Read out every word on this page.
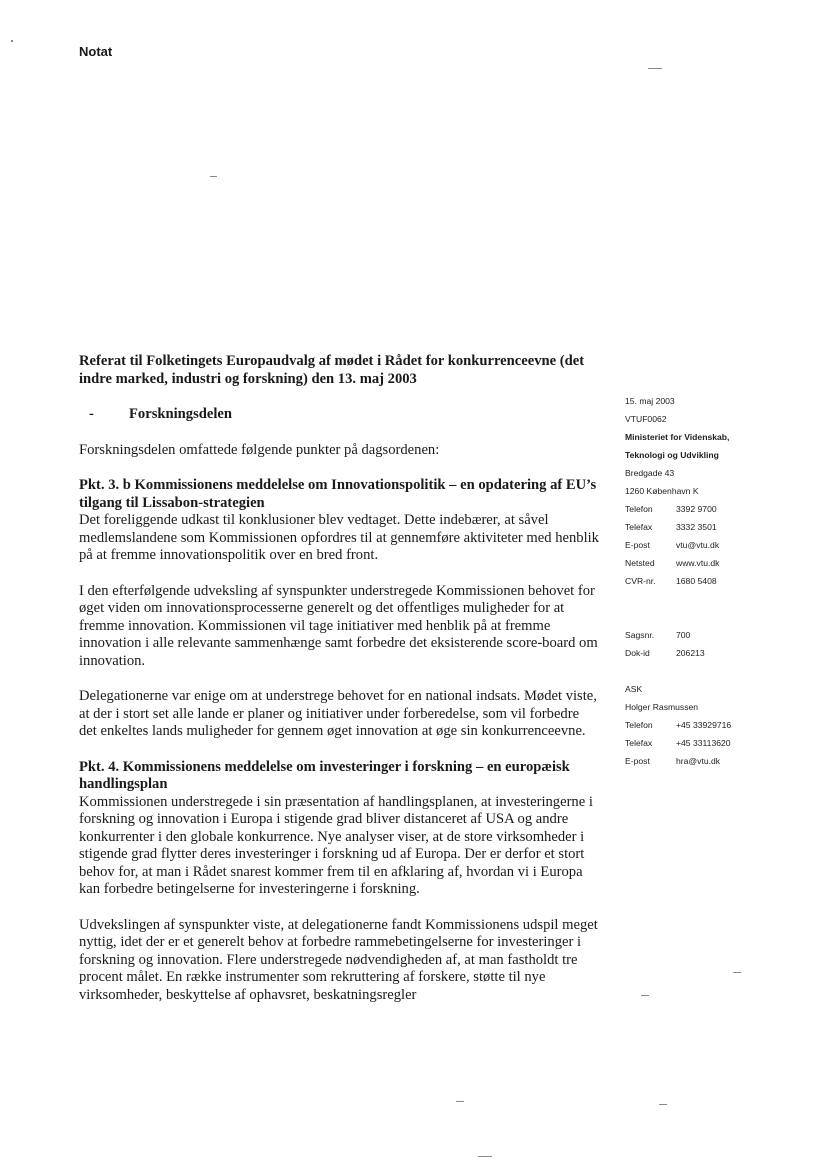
Notat
Referat til Folketingets Europaudvalg af mødet i Rådet for konkurrenceevne (det indre marked, industri og forskning) den 13. maj 2003
- Forskningsdelen

Forskningsdelen omfattede følgende punkter på dagsordenen:

Pkt. 3. b Kommissionens meddelelse om Innovationspolitik – en opdatering af EU’s tilgang til Lissabon-strategien

Det foreliggende udkast til konklusioner blev vedtaget. Dette indebærer, at såvel medlemslandene som Kommissionen opfordres til at gennemføre aktiviteter med henblik på at fremme innovationspolitik over en bred front.

I den efterfølgende udveksling af synspunkter understregede Kommissionen behovet for øget viden om innovationsprocesserne generelt og det offentliges muligheder for at fremme innovation. Kommissionen vil tage initiativer med henblik på at fremme innovation i alle relevante sammenhænge samt forbedre det eksisterende score-board om innovation.

Delegationerne var enige om at understrege behovet for en national indsats. Mødet viste, at der i stort set alle lande er planer og initiativer under forberedelse, som vil forbedre det enkeltes lands muligheder for gennem øget innovation at øge sin konkurrenceevne.

Pkt. 4. Kommissionens meddelelse om investeringer i forskning – en europæisk handlingsplan

Kommissionen understregede i sin præsentation af handlingsplanen, at investeringerne i forskning og innovation i Europa i stigende grad bliver distanceret af USA og andre konkurrenter i den globale konkurrence. Nye analyser viser, at de store virksomheder i stigende grad flytter deres investeringer i forskning ud af Europa. Der er derfor et stort behov for, at man i Rådet snarest kommer frem til en afklaring af, hvordan vi i Europa kan forbedre betingelserne for investeringerne i forskning.

Udvekslingen af synspunkter viste, at delegationerne fandt Kommissionens udspil meget nyttig, idet der er et generelt behov at forbedre rammebetingelserne for investeringer i forskning og innovation. Flere understregede nødvendigheden af, at man fastholdt tre procent målet. En række instrumenter som rekruttering af forskere, støtte til nye virksomheder, beskyttelse af ophavsret, beskatningsregler

15. maj 2003
VTUF0062
Ministeriet for Videnskab,
Teknologi og Udvikling
Bredgade 43
1260 København K
Telefon	3392 9700
Telefax	3332 3501
E-post	vtu@vtu.dk
Netsted	www.vtu.dk
CVR-nr.	1680 5408
Sagsnr.	700
Dok-id	206213
ASK
Holger Rasmussen
Telefon	+45 33929716
Telefax	+45 33113620
E-post	hra@vtu.dk
